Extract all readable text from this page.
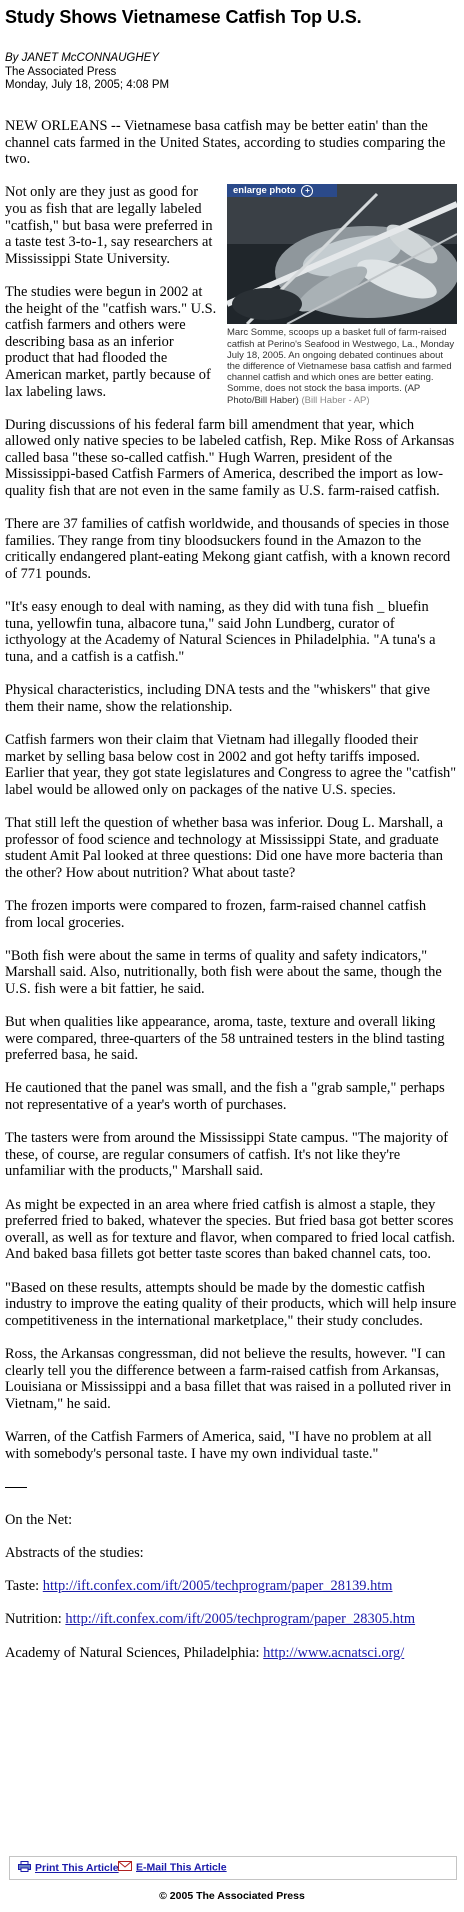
Study Shows Vietnamese Catfish Top U.S.
By JANET McCONNAUGHEY
The Associated Press
Monday, July 18, 2005; 4:08 PM

NEW ORLEANS -- Vietnamese basa catfish may be better eatin' than the channel cats farmed in the United States, according to studies comparing the two.

enlarge photo +
Marc Somme, scoops up a basket full of farm-raised catfish at Perino's Seafood in Westwego, La., Monday July 18, 2005. An ongoing debated continues about the difference of Vietnamese basa catfish and farmed channel catfish and which ones are better eating. Somme, does not stock the basa imports. (AP Photo/Bill Haber) (Bill Haber - AP)

Not only are they just as good for you as fish that are legally labeled "catfish," but basa were preferred in a taste test 3-to-1, say researchers at Mississippi State University.

The studies were begun in 2002 at the height of the "catfish wars." U.S. catfish farmers and others were describing basa as an inferior product that had flooded the American market, partly because of lax labeling laws.

During discussions of his federal farm bill amendment that year, which allowed only native species to be labeled catfish, Rep. Mike Ross of Arkansas called basa "these so-called catfish." Hugh Warren, president of the Mississippi-based Catfish Farmers of America, described the import as low-quality fish that are not even in the same family as U.S. farm-raised catfish.

There are 37 families of catfish worldwide, and thousands of species in those families. They range from tiny bloodsuckers found in the Amazon to the critically endangered plant-eating Mekong giant catfish, with a known record of 771 pounds.

"It's easy enough to deal with naming, as they did with tuna fish _ bluefin tuna, yellowfin tuna, albacore tuna," said John Lundberg, curator of icthyology at the Academy of Natural Sciences in Philadelphia. "A tuna's a tuna, and a catfish is a catfish."

Physical characteristics, including DNA tests and the "whiskers" that give them their name, show the relationship.

Catfish farmers won their claim that Vietnam had illegally flooded their market by selling basa below cost in 2002 and got hefty tariffs imposed. Earlier that year, they got state legislatures and Congress to agree the "catfish" label would be allowed only on packages of the native U.S. species.

That still left the question of whether basa was inferior. Doug L. Marshall, a professor of food science and technology at Mississippi State, and graduate student Amit Pal looked at three questions: Did one have more bacteria than the other? How about nutrition? What about taste?

The frozen imports were compared to frozen, farm-raised channel catfish from local groceries.

"Both fish were about the same in terms of quality and safety indicators," Marshall said. Also, nutritionally, both fish were about the same, though the U.S. fish were a bit fattier, he said.

But when qualities like appearance, aroma, taste, texture and overall liking were compared, three-quarters of the 58 untrained testers in the blind tasting preferred basa, he said.

He cautioned that the panel was small, and the fish a "grab sample," perhaps not representative of a year's worth of purchases.

The tasters were from around the Mississippi State campus. "The majority of these, of course, are regular consumers of catfish. It's not like they're unfamiliar with the products," Marshall said.

As might be expected in an area where fried catfish is almost a staple, they preferred fried to baked, whatever the species. But fried basa got better scores overall, as well as for texture and flavor, when compared to fried local catfish. And baked basa fillets got better taste scores than baked channel cats, too.

"Based on these results, attempts should be made by the domestic catfish industry to improve the eating quality of their products, which will help insure competitiveness in the international marketplace," their study concludes.

Ross, the Arkansas congressman, did not believe the results, however. "I can clearly tell you the difference between a farm-raised catfish from Arkansas, Louisiana or Mississippi and a basa fillet that was raised in a polluted river in Vietnam," he said.

Warren, of the Catfish Farmers of America, said, "I have no problem at all with somebody's personal taste. I have my own individual taste."

On the Net:

Abstracts of the studies:

Taste: http://ift.confex.com/ift/2005/techprogram/paper_28139.htm

Nutrition: http://ift.confex.com/ift/2005/techprogram/paper_28305.htm

Academy of Natural Sciences, Philadelphia: http://www.acnatsci.org/

Print This Article	E-Mail This Article
© 2005 The Associated Press
